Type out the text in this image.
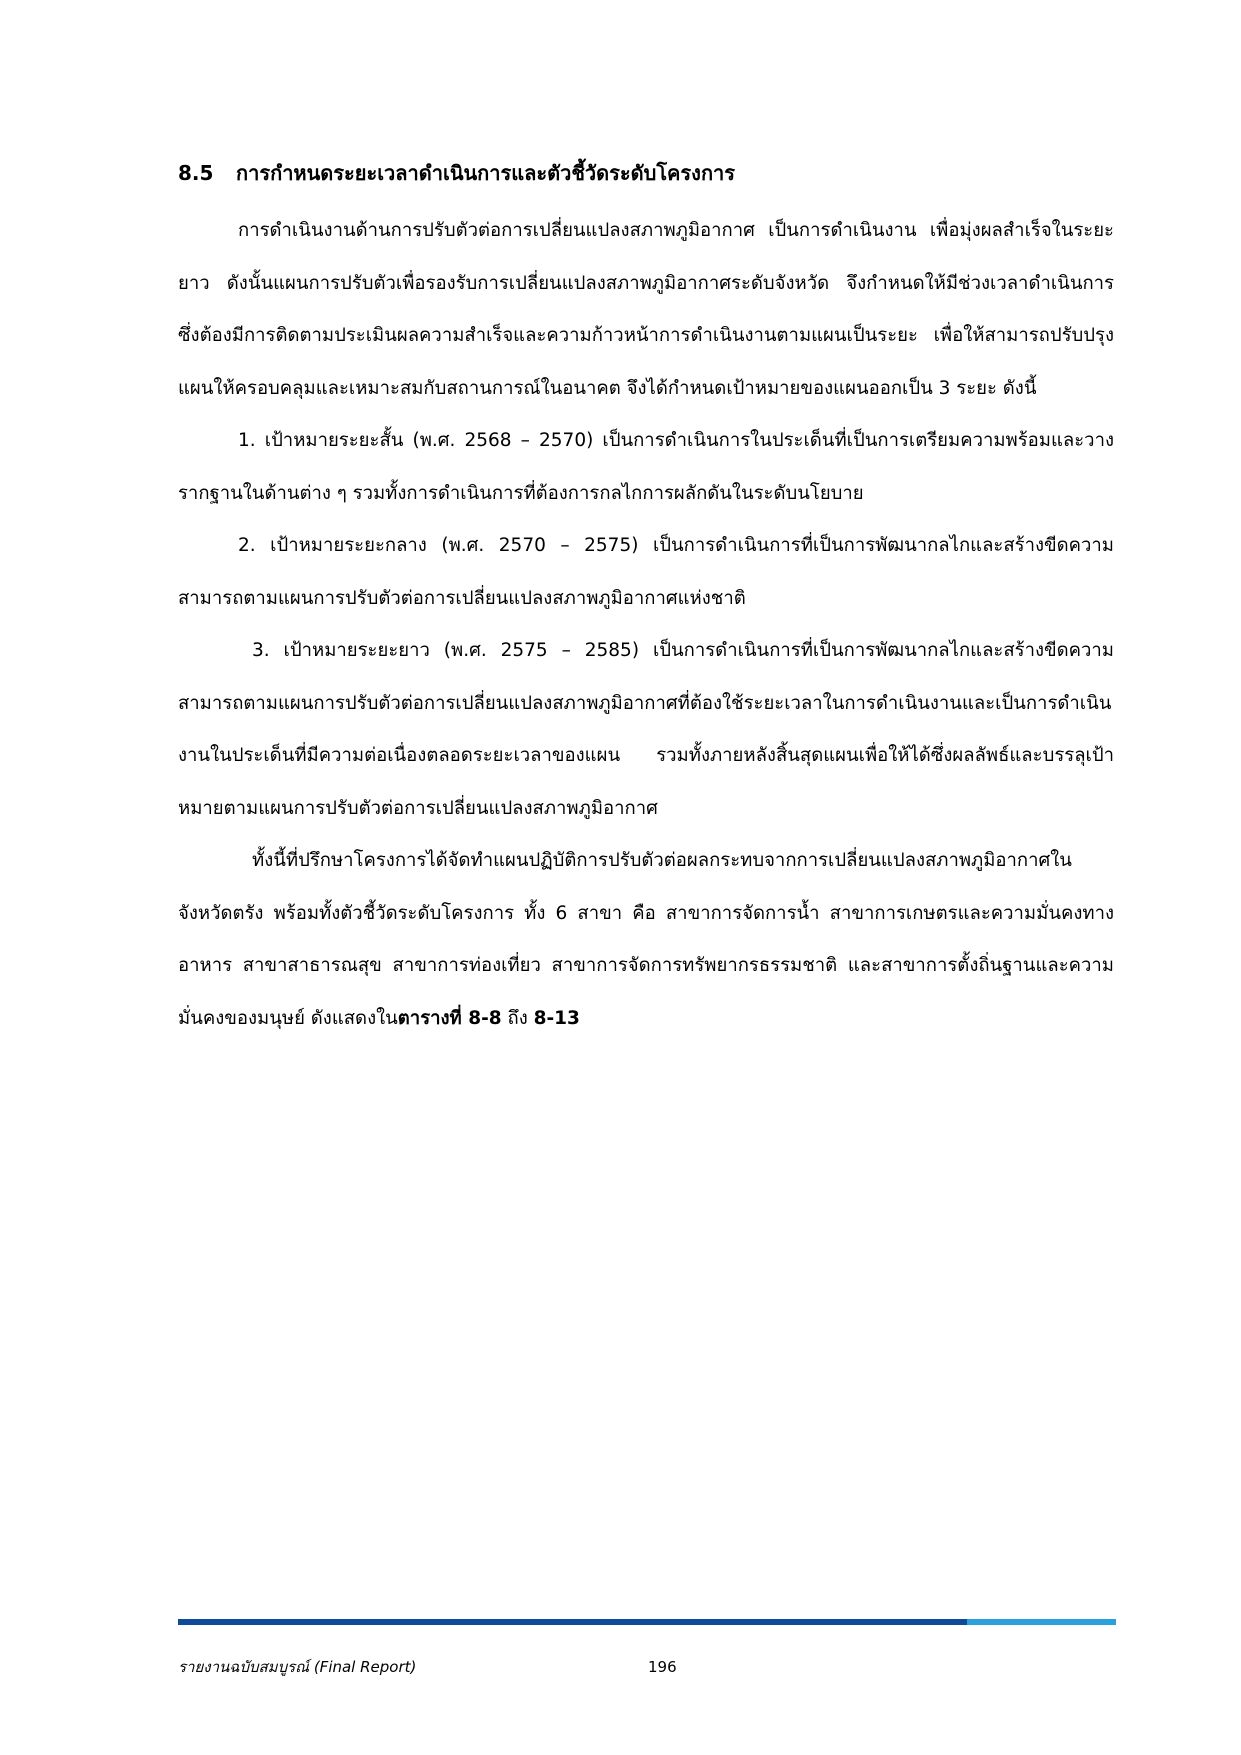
8.5 การกำหนดระยะเวลาดำเนินการและตัวชี้วัดระดับโครงการ

การดำเนินงานด้านการปรับตัวต่อการเปลี่ยนแปลงสภาพภูมิอากาศ เป็นการดำเนินงาน เพื่อมุ่งผลสำเร็จในระยะยาว ดังนั้นแผนการปรับตัวเพื่อรองรับการเปลี่ยนแปลงสภาพภูมิอากาศระดับจังหวัด จึงกำหนดให้มีช่วงเวลาดำเนินการ ซึ่งต้องมีการติดตามประเมินผลความสำเร็จและความก้าวหน้าการดำเนินงานตามแผนเป็นระยะ เพื่อให้สามารถปรับปรุงแผนให้ครอบคลุมและเหมาะสมกับสถานการณ์ในอนาคต จึงได้กำหนดเป้าหมายของแผนออกเป็น 3 ระยะ ดังนี้

1. เป้าหมายระยะสั้น (พ.ศ. 2568 – 2570) เป็นการดำเนินการในประเด็นที่เป็นการเตรียมความพร้อมและวางรากฐานในด้านต่าง ๆ รวมทั้งการดำเนินการที่ต้องการกลไกการผลักดันในระดับนโยบาย

2. เป้าหมายระยะกลาง (พ.ศ. 2570 – 2575) เป็นการดำเนินการที่เป็นการพัฒนากลไกและสร้างขีดความสามารถตามแผนการปรับตัวต่อการเปลี่ยนแปลงสภาพภูมิอากาศแห่งชาติ

3. เป้าหมายระยะยาว (พ.ศ. 2575 – 2585) เป็นการดำเนินการที่เป็นการพัฒนากลไกและสร้างขีดความสามารถตามแผนการปรับตัวต่อการเปลี่ยนแปลงสภาพภูมิอากาศที่ต้องใช้ระยะเวลาในการดำเนินงานและเป็นการดำเนินงานในประเด็นที่มีความต่อเนื่องตลอดระยะเวลาของแผน รวมทั้งภายหลังสิ้นสุดแผนเพื่อให้ได้ซึ่งผลลัพธ์และบรรลุเป้าหมายตามแผนการปรับตัวต่อการเปลี่ยนแปลงสภาพภูมิอากาศ

ทั้งนี้ที่ปรึกษาโครงการได้จัดทำแผนปฏิบัติการปรับตัวต่อผลกระทบจากการเปลี่ยนแปลงสภาพภูมิอากาศในจังหวัดตรัง พร้อมทั้งตัวชี้วัดระดับโครงการ ทั้ง 6 สาขา คือ สาขาการจัดการน้ำ สาขาการเกษตรและความมั่นคงทางอาหาร สาขาสาธารณสุข สาขาการท่องเที่ยว สาขาการจัดการทรัพยากรธรรมชาติ และสาขาการตั้งถิ่นฐานและความมั่นคงของมนุษย์ ดังแสดงในตารางที่ 8-8 ถึง 8-13

รายงานฉบับสมบูรณ์ (Final Report)	196
